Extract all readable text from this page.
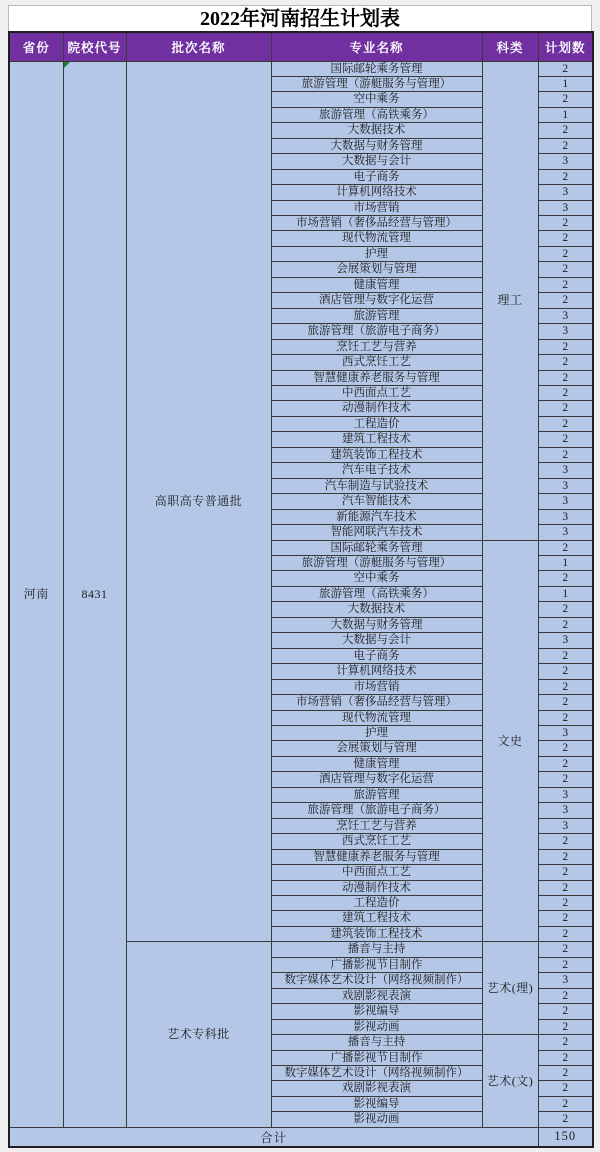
2022年河南招生计划表
省份	院校代号	批次名称	专业名称	科类	计划数
河南	8431	高职高专普通批	国际邮轮乘务管理	理工	2
			旅游管理（游艇服务与管理）		1
			空中乘务		2
			旅游管理（高铁乘务）		1
			大数据技术		2
			大数据与财务管理		2
			大数据与会计		3
			电子商务		2
			计算机网络技术		3
			市场营销		3
			市场营销（奢侈品经营与管理）		2
			现代物流管理		2
			护理		2
			会展策划与管理		2
			健康管理		2
			酒店管理与数字化运营		2
			旅游管理		3
			旅游管理（旅游电子商务）		3
			烹饪工艺与营养		2
			西式烹饪工艺		2
			智慧健康养老服务与管理		2
			中西面点工艺		2
			动漫制作技术		2
			工程造价		2
			建筑工程技术		2
			建筑装饰工程技术		2
			汽车电子技术		3
			汽车制造与试验技术		3
			汽车智能技术		3
			新能源汽车技术		3
			智能网联汽车技术		3
			国际邮轮乘务管理	文史	2
			旅游管理（游艇服务与管理）		1
			空中乘务		2
			旅游管理（高铁乘务）		1
			大数据技术		2
			大数据与财务管理		2
			大数据与会计		3
			电子商务		2
			计算机网络技术		2
			市场营销		2
			市场营销（奢侈品经营与管理）		2
			现代物流管理		2
			护理		3
			会展策划与管理		2
			健康管理		2
			酒店管理与数字化运营		2
			旅游管理		3
			旅游管理（旅游电子商务）		3
			烹饪工艺与营养		3
			西式烹饪工艺		2
			智慧健康养老服务与管理		2
			中西面点工艺		2
			动漫制作技术		2
			工程造价		2
			建筑工程技术		2
			建筑装饰工程技术		2
		艺术专科批	播音与主持	艺术(理)	2
			广播影视节目制作		2
			数字媒体艺术设计（网络视频制作）		3
			戏剧影视表演		2
			影视编导		2
			影视动画		2
			播音与主持	艺术(文)	2
			广播影视节目制作		2
			数字媒体艺术设计（网络视频制作）		2
			戏剧影视表演		2
			影视编导		2
			影视动画		2
合计					150
